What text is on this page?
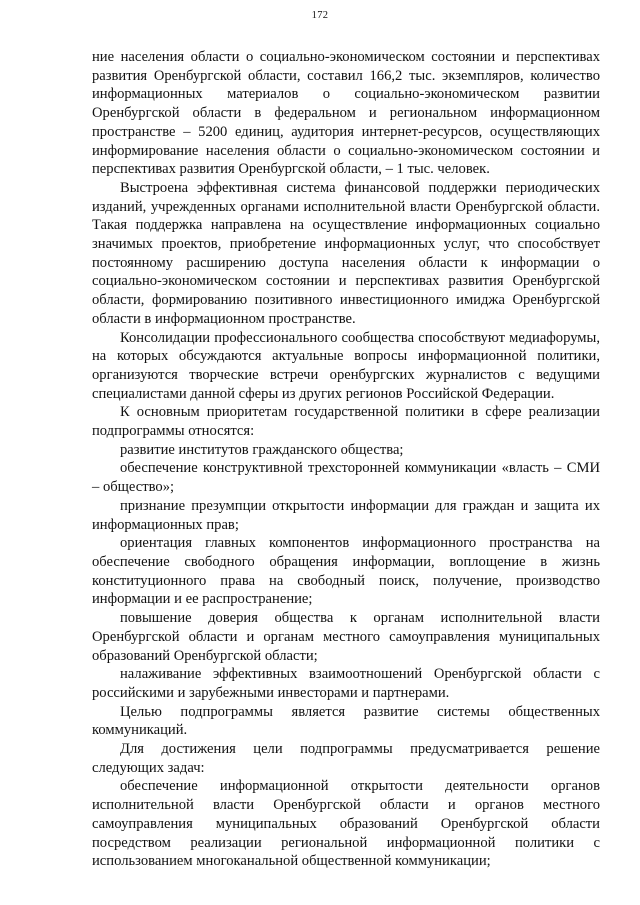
172

ние населения области о социально-экономическом состоянии и перспективах развития Оренбургской области, составил 166,2 тыс. экземпляров, количество информационных материалов о социально-экономическом развитии Оренбургской области в федеральном и региональном информационном пространстве – 5200 единиц, аудитория интернет-ресурсов, осуществляющих информирование населения области о социально-экономическом состоянии и перспективах развития Оренбургской области, – 1 тыс. человек.

Выстроена эффективная система финансовой поддержки периодических изданий, учрежденных органами исполнительной власти Оренбургской области. Такая поддержка направлена на осуществление информационных социально значимых проектов, приобретение информационных услуг, что способствует постоянному расширению доступа населения области к информации о социально-экономическом состоянии и перспективах развития Оренбургской области, формированию позитивного инвестиционного имиджа Оренбургской области в информационном пространстве.

Консолидации профессионального сообщества способствуют медиафорумы, на которых обсуждаются актуальные вопросы информационной политики, организуются творческие встречи оренбургских журналистов с ведущими специалистами данной сферы из других регионов Российской Федерации.

К основным приоритетам государственной политики в сфере реализации подпрограммы относятся:

развитие институтов гражданского общества;

обеспечение конструктивной трехсторонней коммуникации «власть – СМИ – общество»;

признание презумпции открытости информации для граждан и защита их информационных прав;

ориентация главных компонентов информационного пространства на обеспечение свободного обращения информации, воплощение в жизнь конституционного права на свободный поиск, получение, производство информации и ее распространение;

повышение доверия общества к органам исполнительной власти Оренбургской области и органам местного самоуправления муниципальных образований Оренбургской области;

налаживание эффективных взаимоотношений Оренбургской области с российскими и зарубежными инвесторами и партнерами.

Целью подпрограммы является развитие системы общественных коммуникаций.

Для достижения цели подпрограммы предусматривается решение следующих задач:

обеспечение информационной открытости деятельности органов исполнительной власти Оренбургской области и органов местного самоуправления муниципальных образований Оренбургской области посредством реализации региональной информационной политики с использованием многоканальной общественной коммуникации;
